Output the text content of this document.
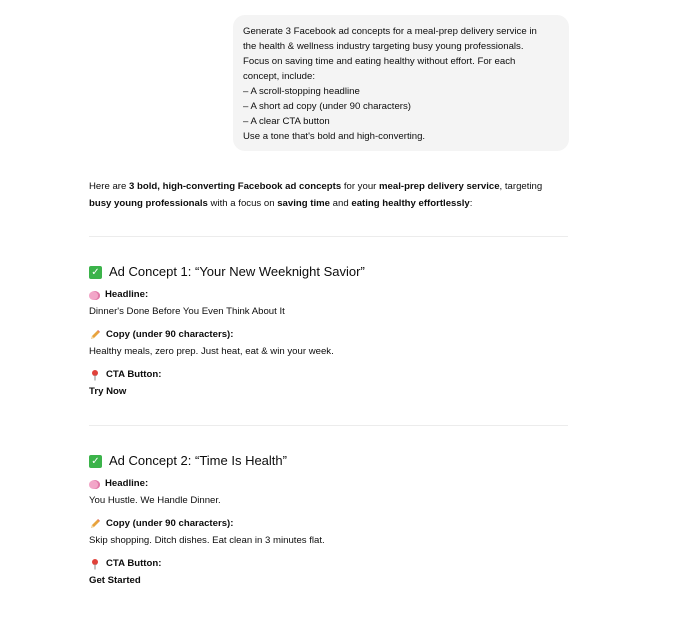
Generate 3 Facebook ad concepts for a meal-prep delivery service in
the health & wellness industry targeting busy young professionals.
Focus on saving time and eating healthy without effort. For each
concept, include:
– A scroll-stopping headline
– A short ad copy (under 90 characters)
– A clear CTA button
Use a tone that's bold and high-converting.

Here are 3 bold, high-converting Facebook ad concepts for your meal-prep delivery service, targeting
busy young professionals with a focus on saving time and eating healthy effortlessly:

✓ Ad Concept 1: “Your New Weeknight Savior”
Headline:
Dinner's Done Before You Even Think About It
Copy (under 90 characters):
Healthy meals, zero prep. Just heat, eat & win your week.
CTA Button:
Try Now
✓ Ad Concept 2: “Time Is Health”
Headline:
You Hustle. We Handle Dinner.
Copy (under 90 characters):
Skip shopping. Ditch dishes. Eat clean in 3 minutes flat.
CTA Button:
Get Started
